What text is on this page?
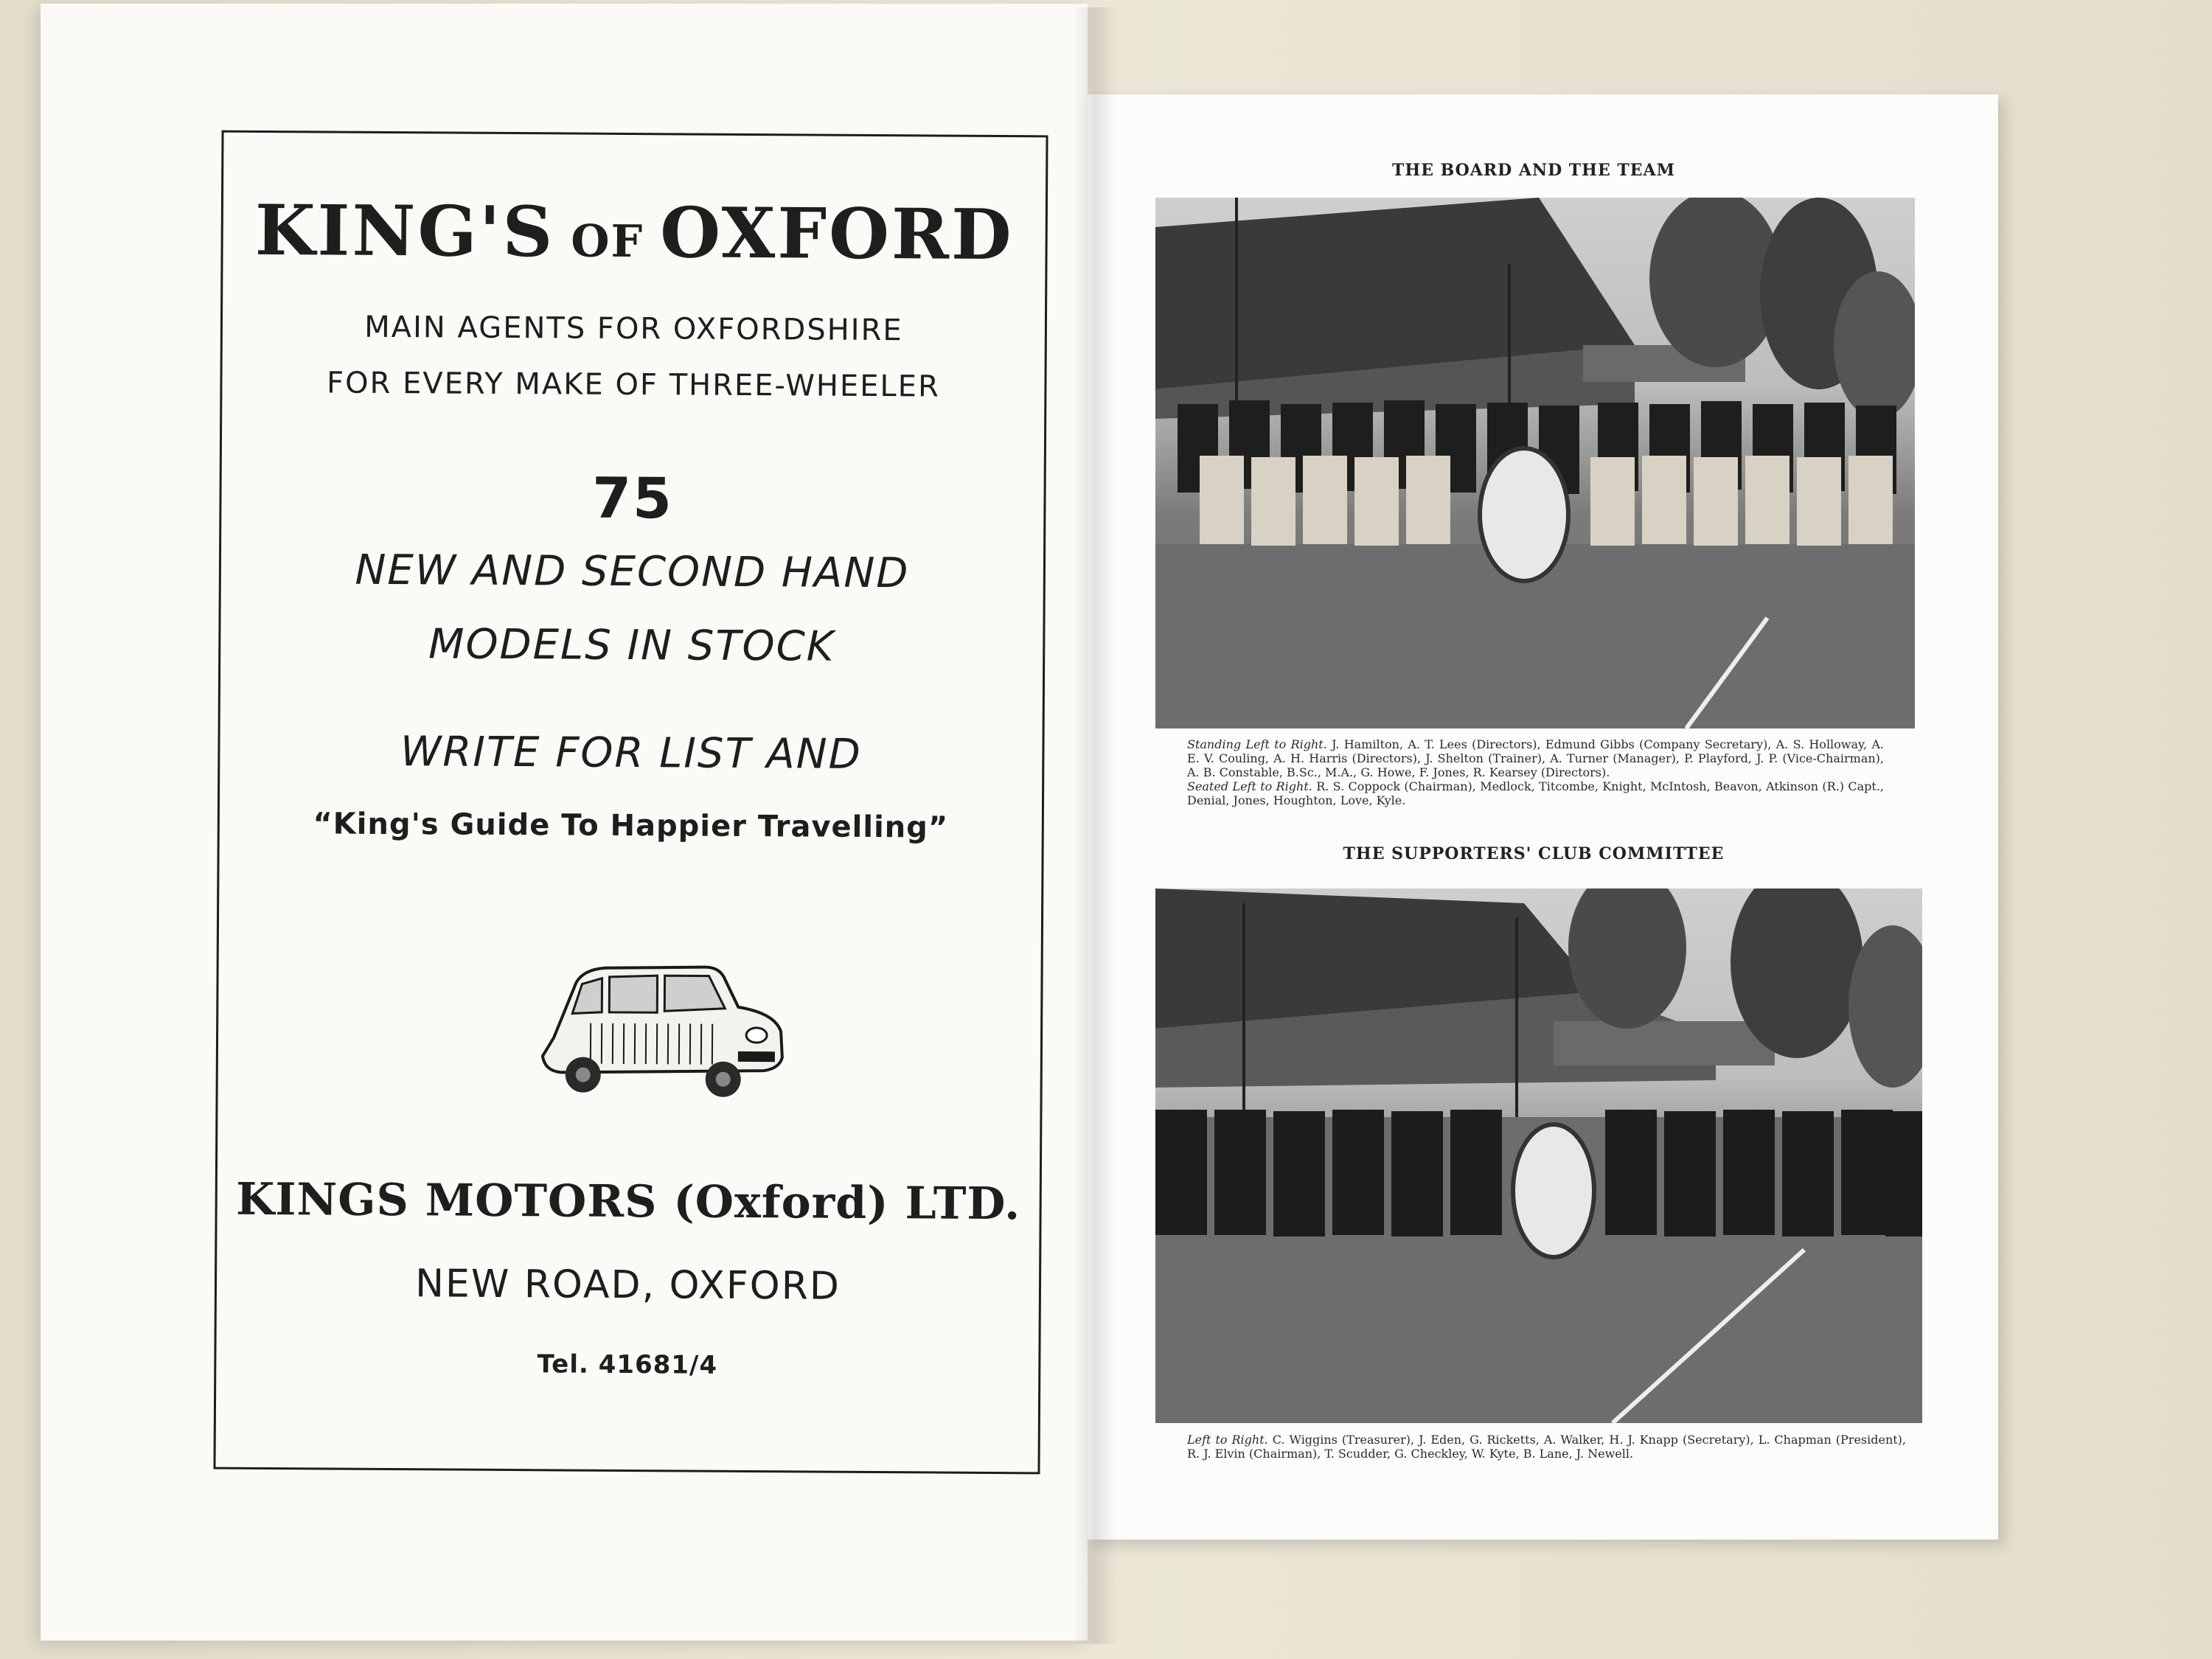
KING'S OF OXFORD
MAIN AGENTS FOR OXFORDSHIRE
FOR EVERY MAKE OF THREE-WHEELER
75
NEW AND SECOND HAND
MODELS IN STOCK
WRITE FOR LIST AND
“King's Guide To Happier Travelling”
KINGS MOTORS (Oxford) LTD.
NEW ROAD, OXFORD
Tel. 41681/4
THE BOARD AND THE TEAM
Standing Left to Right. J. Hamilton, A. T. Lees (Directors), Edmund Gibbs (Company Secretary), A. S. Holloway, A. E. V. Couling, A. H. Harris (Directors), J. Shelton (Trainer), A. Turner (Manager), P. Playford, J. P. (Vice-Chairman), A. B. Constable, B.Sc., M.A., G. Howe, F. Jones, R. Kearsey (Directors).
Seated Left to Right. R. S. Coppock (Chairman), Medlock, Titcombe, Knight, McIntosh, Beavon, Atkinson (R.) Capt., Denial, Jones, Houghton, Love, Kyle.
THE SUPPORTERS' CLUB COMMITTEE
Left to Right. C. Wiggins (Treasurer), J. Eden, G. Ricketts, A. Walker, H. J. Knapp (Secretary), L. Chapman (President), R. J. Elvin (Chairman), T. Scudder, G. Checkley, W. Kyte, B. Lane, J. Newell.
